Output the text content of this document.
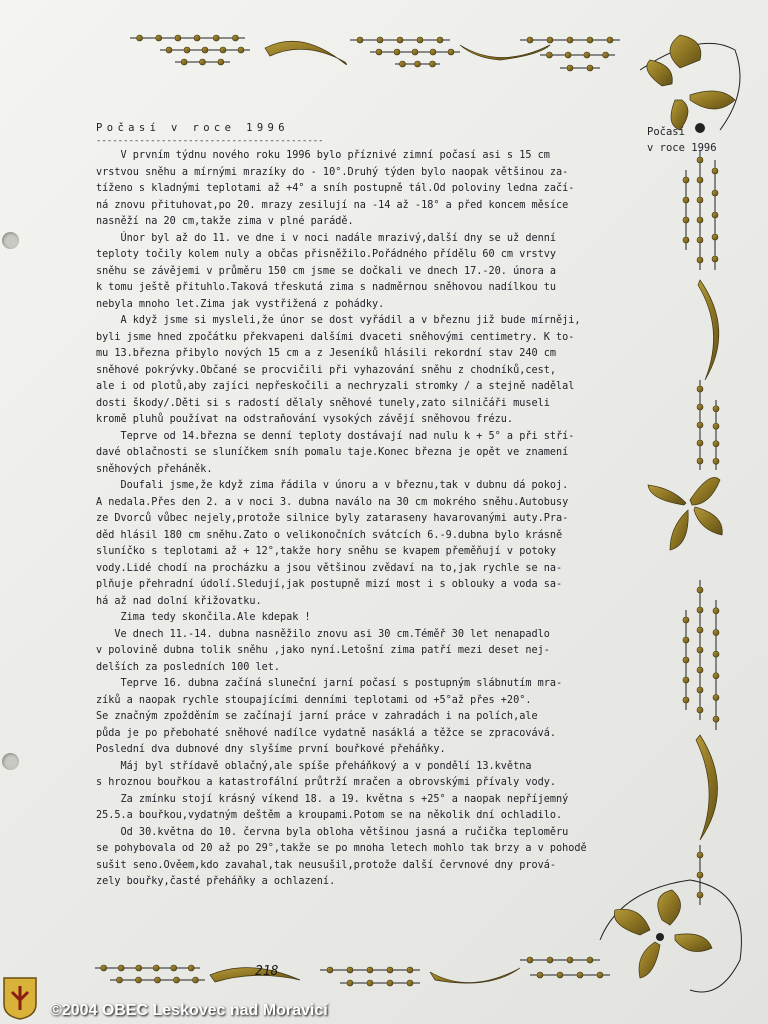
Počasí v roce 1996
------------------------------------------
V prvním týdnu nového roku 1996 bylo příznivé zimní počasí asi s 15 cm
vrstvou sněhu a mírnými mrazíky do - 10°.Druhý týden bylo naopak většinou za-
tíženo s kladnými teplotami až +4° a sníh postupně tál.Od poloviny ledna začí-
ná znovu přituhovat,po 20. mrazy zesilují na -14 až -18° a před koncem měsíce
nasněží na 20 cm,takže zima v plné parádě.
Únor byl až do 11. ve dne i v noci nadále mrazivý,další dny se už denní
teploty točily kolem nuly a občas přisněžilo.Pořádného přídělu 60 cm vrstvy
sněhu se závějemi v průměru 150 cm jsme se dočkali ve dnech 17.-20. února a
k tomu ještě přituhlo.Taková třeskutá zima s nadměrnou sněhovou nadílkou tu
nebyla mnoho let.Zima jak vystřižená z pohádky.
A když jsme si mysleli,že únor se dost vyřádil a v březnu již bude mírněji,
byli jsme hned zpočátku překvapeni dalšími dvaceti sněhovými centimetry. K to-
mu 13.března přibylo nových 15 cm a z Jeseníků hlásili rekordní stav 240 cm
sněhové pokrývky.Občané se procvičili při vyhazování sněhu z chodníků,cest,
ale i od plotů,aby zajíci nepřeskočili a nechryzali stromky / a stejně nadělal
dosti škody/.Děti si s radostí dělaly sněhové tunely,zato silničáři museli
kromě pluhů používat na odstraňování vysokých závějí sněhovou frézu.
Teprve od 14.března se denní teploty dostávají nad nulu k + 5° a při stří-
davé oblačnosti se sluníčkem sníh pomalu taje.Konec března je opět ve znamení
sněhových přeháněk.
Doufali jsme,že když zima řádila v únoru a v březnu,tak v dubnu dá pokoj.
A nedala.Přes den 2. a v noci 3. dubna naválo na 30 cm mokrého sněhu.Autobusy
ze Dvorců vůbec nejely,protože silnice byly zataraseny havarovanými auty.Pra-
děd hlásil 180 cm sněhu.Zato o velikonočních svátcích 6.-9.dubna bylo krásně
sluníčko s teplotami až + 12°,takže hory sněhu se kvapem přeměňují v potoky
vody.Lidé chodí na procházku a jsou většinou zvědaví na to,jak rychle se na-
plňuje přehradní údolí.Sledují,jak postupně mizí most i s oblouky a voda sa-
há až nad dolní křižovatku.
Zima tedy skončila.Ale kdepak !
Ve dnech 11.-14. dubna nasněžilo znovu asi 30 cm.Téměř 30 let nenapadlo
v polovině dubna tolik sněhu ,jako nyní.Letošní zima patří mezi deset nej-
delších za posledních 100 let.
Teprve 16. dubna začíná sluneční jarní počasí s postupným slábnutím mra-
zíků a naopak rychle stoupajícími denními teplotami od +5°až přes +20°.
Se značným zpožděním se začínají jarní práce v zahradách i na polích,ale
půda je po přebohaté sněhové nadílce vydatně nasáklá a těžce se zpracovává.
Poslední dva dubnové dny slyšíme první bouřkové přeháňky.
Máj byl střídavě oblačný,ale spíše přeháňkový a v pondělí 13.května
s hroznou bouřkou a katastrofální průtrží mračen a obrovskými přívaly vody.
Za zmínku stojí krásný víkend 18. a 19. května s +25° a naopak nepříjemný
25.5.a bouřkou,vydatným deštěm a kroupami.Potom se na několik dní ochladilo.
Od 30.května do 10. června byla obloha většinou jasná a ručička teploměru
se pohybovala od 20 až po 29°,takže se po mnoha letech mohlo tak brzy a v pohodě
sušit seno.Ověem,kdo zavahal,tak neusušil,protože další červnové dny prová-
zely bouřky,časté přeháňky a ochlazení.
Počasí
v roce 1996
218
©2004 OBEC Leskovec nad Moravicí
